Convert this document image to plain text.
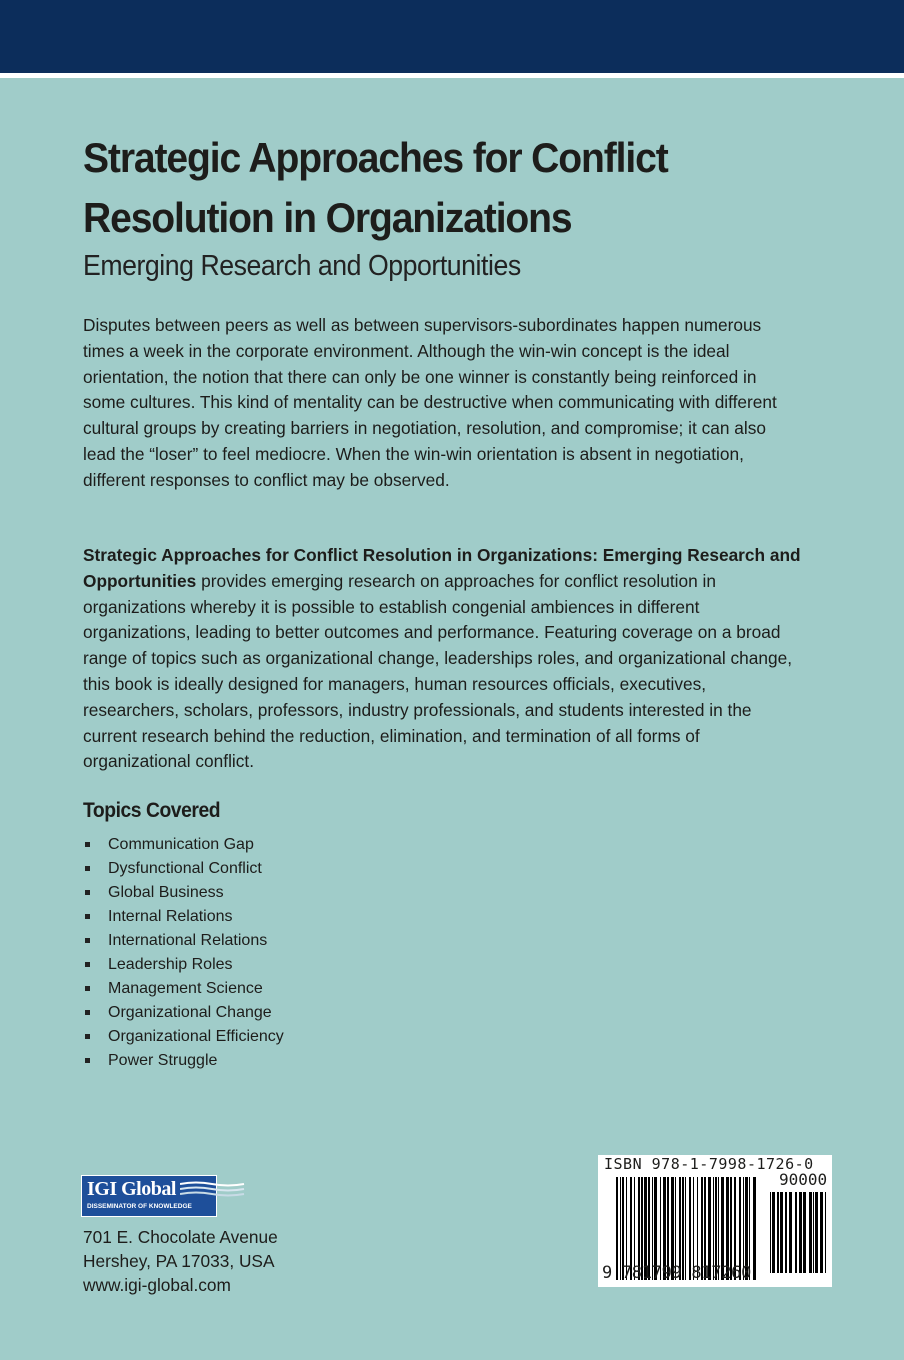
Strategic Approaches for Conflict
Resolution in Organizations
Emerging Research and Opportunities
Disputes between peers as well as between supervisors-subordinates happen numerous times a week in the corporate environment. Although the win-win concept is the ideal orientation, the notion that there can only be one winner is constantly being reinforced in some cultures. This kind of mentality can be destructive when communicating with different cultural groups by creating barriers in negotiation, resolution, and compromise; it can also lead the “loser” to feel mediocre. When the win-win orientation is absent in negotiation, different responses to conflict may be observed.
Strategic Approaches for Conflict Resolution in Organizations: Emerging Research and Opportunities provides emerging research on approaches for conflict resolution in organizations whereby it is possible to establish congenial ambiences in different organizations, leading to better outcomes and performance. Featuring coverage on a broad range of topics such as organizational change, leaderships roles, and organizational change, this book is ideally designed for managers, human resources officials, executives, researchers, scholars, professors, industry professionals, and students interested in the current research behind the reduction, elimination, and termination of all forms of organizational conflict.
Topics Covered
Communication Gap
Dysfunctional Conflict
Global Business
Internal Relations
International Relations
Leadership Roles
Management Science
Organizational Change
Organizational Efficiency
Power Struggle
IGI Global
DISSEMINATOR OF KNOWLEDGE
701 E. Chocolate Avenue
Hershey, PA 17033, USA
www.igi-global.com
ISBN 978-1-7998-1726-0
90000
9 781799 817260
